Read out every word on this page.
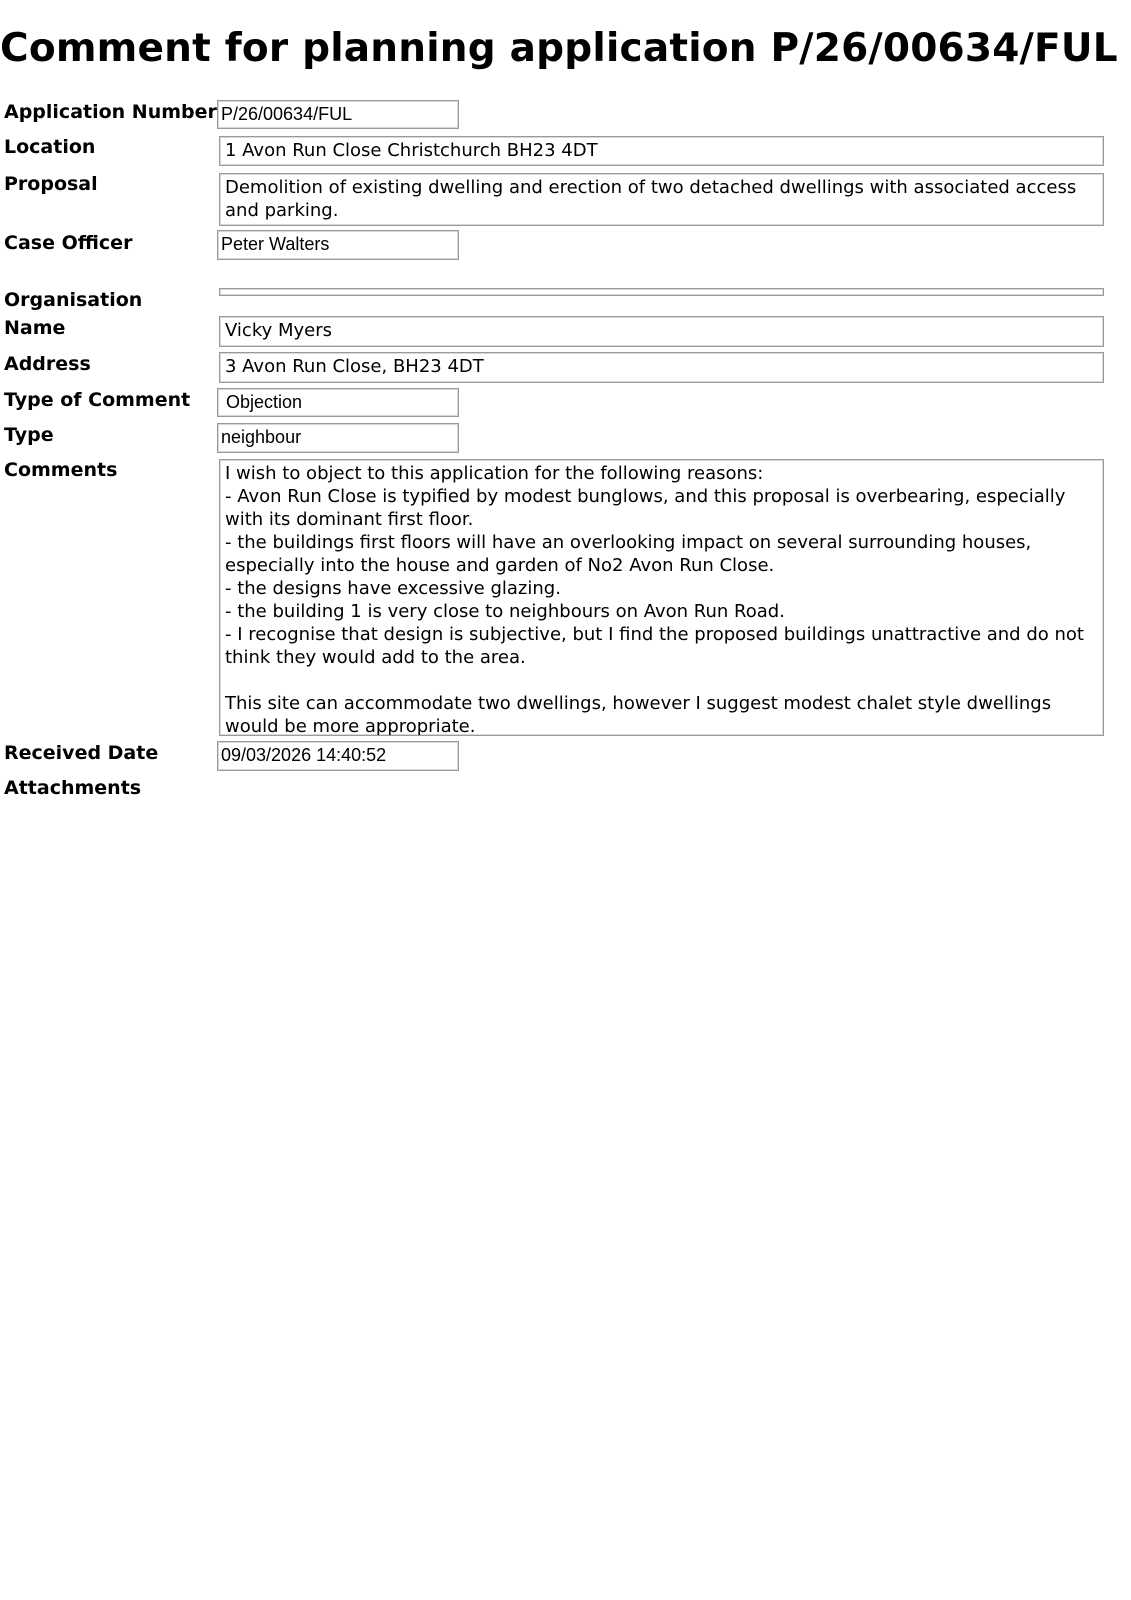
Comment for planning application P/26/00634/FUL
Application Number P/26/00634/FUL
Location	1 Avon Run Close Christchurch BH23 4DT
Proposal	Demolition of existing dwelling and erection of two detached dwellings with associated access and parking.
Case Officer	Peter Walters
Organisation
Name	Vicky Myers
Address	3 Avon Run Close, BH23 4DT
Type of Comment	Objection
Type	neighbour
Comments	I wish to object to this application for the following reasons:
- Avon Run Close is typified by modest bunglows, and this proposal is overbearing, especially with its dominant first floor.
- the buildings first floors will have an overlooking impact on several surrounding houses, especially into the house and garden of No2 Avon Run Close.
- the designs have excessive glazing.
- the building 1 is very close to neighbours on Avon Run Road.
- I recognise that design is subjective, but I find the proposed buildings unattractive and do not think they would add to the area.

This site can accommodate two dwellings, however I suggest modest chalet style dwellings would be more appropriate.
Received Date	09/03/2026 14:40:52
Attachments
